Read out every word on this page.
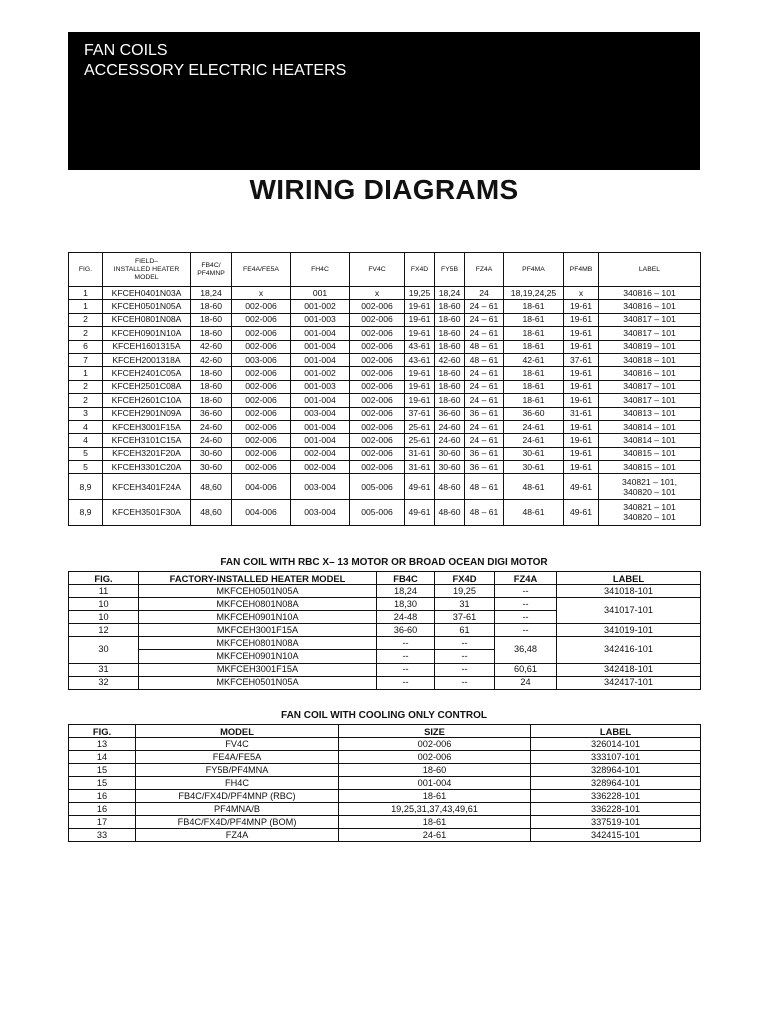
FAN COILS
ACCESSORY ELECTRIC HEATERS
WIRING DIAGRAMS
FIG.	FIELD–
INSTALLED HEATER
MODEL	FB4C/
PF4MNP	FE4A/FE5A	FH4C	FV4C	FX4D	FY5B	FZ4A	PF4MA	PF4MB	LABEL
1	KFCEH0401N03A	18,24	x	001	x	19,25	18,24	24	18,19,24,25	x	340816 – 101
1	KFCEH0501N05A	18-60	002-006	001-002	002-006	19-61	18-60	24 – 61	18-61	19-61	340816 – 101
2	KFCEH0801N08A	18-60	002-006	001-003	002-006	19-61	18-60	24 – 61	18-61	19-61	340817 – 101
2	KFCEH0901N10A	18-60	002-006	001-004	002-006	19-61	18-60	24 – 61	18-61	19-61	340817 – 101
6	KFCEH1601315A	42-60	002-006	001-004	002-006	43-61	18-60	48 – 61	18-61	19-61	340819 – 101
7	KFCEH2001318A	42-60	003-006	001-004	002-006	43-61	42-60	48 – 61	42-61	37-61	340818 – 101
1	KFCEH2401C05A	18-60	002-006	001-002	002-006	19-61	18-60	24 – 61	18-61	19-61	340816 – 101
2	KFCEH2501C08A	18-60	002-006	001-003	002-006	19-61	18-60	24 – 61	18-61	19-61	340817 – 101
2	KFCEH2601C10A	18-60	002-006	001-004	002-006	19-61	18-60	24 – 61	18-61	19-61	340817 – 101
3	KFCEH2901N09A	36-60	002-006	003-004	002-006	37-61	36-60	36 – 61	36-60	31-61	340813 – 101
4	KFCEH3001F15A	24-60	002-006	001-004	002-006	25-61	24-60	24 – 61	24-61	19-61	340814 – 101
4	KFCEH3101C15A	24-60	002-006	001-004	002-006	25-61	24-60	24 – 61	24-61	19-61	340814 – 101
5	KFCEH3201F20A	30-60	002-006	002-004	002-006	31-61	30-60	36 – 61	30-61	19-61	340815 – 101
5	KFCEH3301C20A	30-60	002-006	002-004	002-006	31-61	30-60	36 – 61	30-61	19-61	340815 – 101
8,9	KFCEH3401F24A	48,60	004-006	003-004	005-006	49-61	48-60	48 – 61	48-61	49-61	340821 – 101,
340820 – 101
8,9	KFCEH3501F30A	48,60	004-006	003-004	005-006	49-61	48-60	48 – 61	48-61	49-61	340821 – 101
340820 – 101
FAN COIL WITH RBC X– 13 MOTOR OR BROAD OCEAN DIGI MOTOR
FIG.	FACTORY-INSTALLED HEATER MODEL	FB4C	FX4D	FZ4A	LABEL
11	MKFCEH0501N05A	18,24	19,25	--	341018-101
10	MKFCEH0801N08A	18,30	31	--	341017-101
10	MKFCEH0901N10A	24-48	37-61	--	
12	MKFCEH3001F15A	36-60	61	--	341019-101
30	MKFCEH0801N08A	--	--	36,48	342416-101
	MKFCEH0901N10A	--	--		
31	MKFCEH3001F15A	--	--	60,61	342418-101
32	MKFCEH0501N05A	--	--	24	342417-101
FAN COIL WITH COOLING ONLY CONTROL
FIG.	MODEL	SIZE	LABEL
13	FV4C	002-006	326014-101
14	FE4A/FE5A	002-006	333107-101
15	FY5B/PF4MNA	18-60	328964-101
15	FH4C	001-004	328964-101
16	FB4C/FX4D/PF4MNP (RBC)	18-61	336228-101
16	PF4MNA/B	19,25,31,37,43,49,61	336228-101
17	FB4C/FX4D/PF4MNP (BOM)	18-61	337519-101
33	FZ4A	24-61	342415-101
